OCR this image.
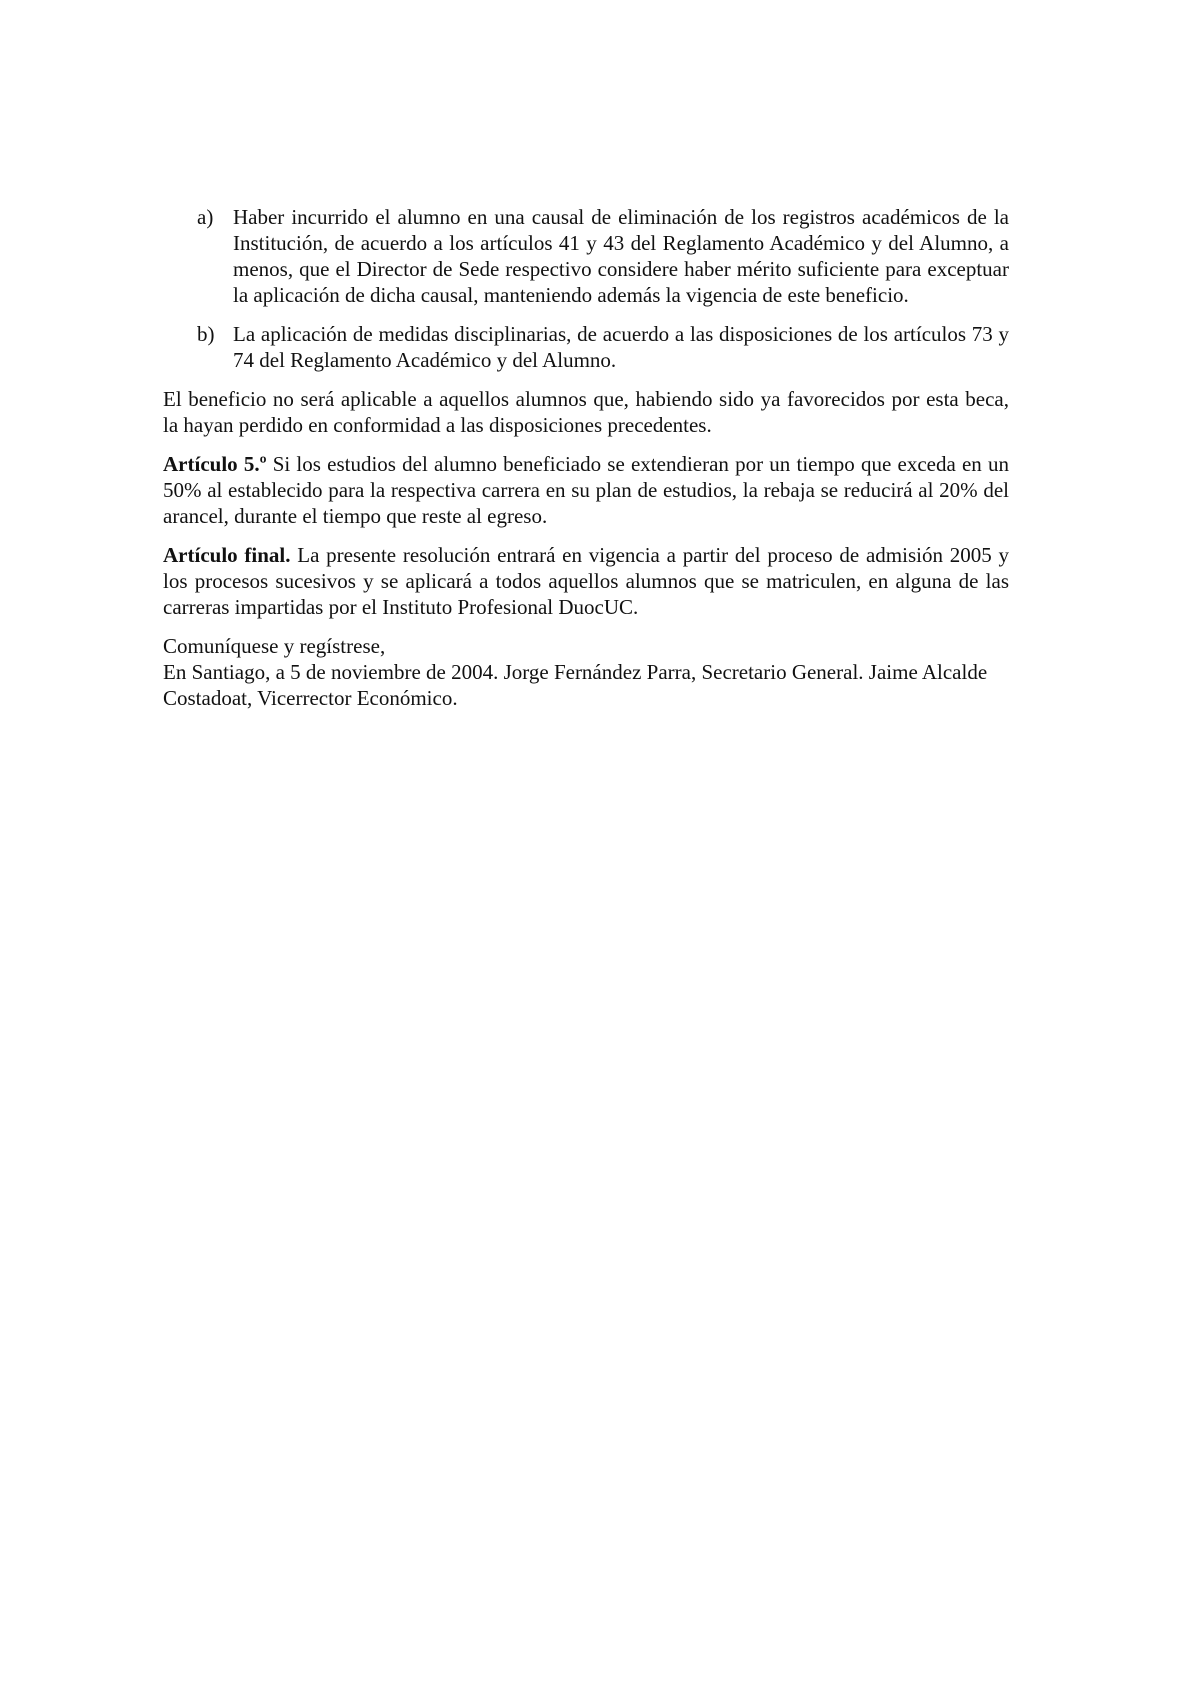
a) Haber incurrido el alumno en una causal de eliminación de los registros académicos de la Institución, de acuerdo a los artículos 41 y 43 del Reglamento Académico y del Alumno, a menos, que el Director de Sede respectivo considere haber mérito suficiente para exceptuar la aplicación de dicha causal, manteniendo además la vigencia de este beneficio.
b) La aplicación de medidas disciplinarias, de acuerdo a las disposiciones de los artículos 73 y 74 del Reglamento Académico y del Alumno.

El beneficio no será aplicable a aquellos alumnos que, habiendo sido ya favorecidos por esta beca, la hayan perdido en conformidad a las disposiciones precedentes.

Artículo 5.º Si los estudios del alumno beneficiado se extendieran por un tiempo que exceda en un 50% al establecido para la respectiva carrera en su plan de estudios, la rebaja se reducirá al 20% del arancel, durante el tiempo que reste al egreso.

Artículo final. La presente resolución entrará en vigencia a partir del proceso de admisión 2005 y los procesos sucesivos y se aplicará a todos aquellos alumnos que se matriculen, en alguna de las carreras impartidas por el Instituto Profesional DuocUC.

Comuníquese y regístrese,

En Santiago, a 5 de noviembre de 2004. Jorge Fernández Parra, Secretario General. Jaime Alcalde Costadoat, Vicerrector Económico.
